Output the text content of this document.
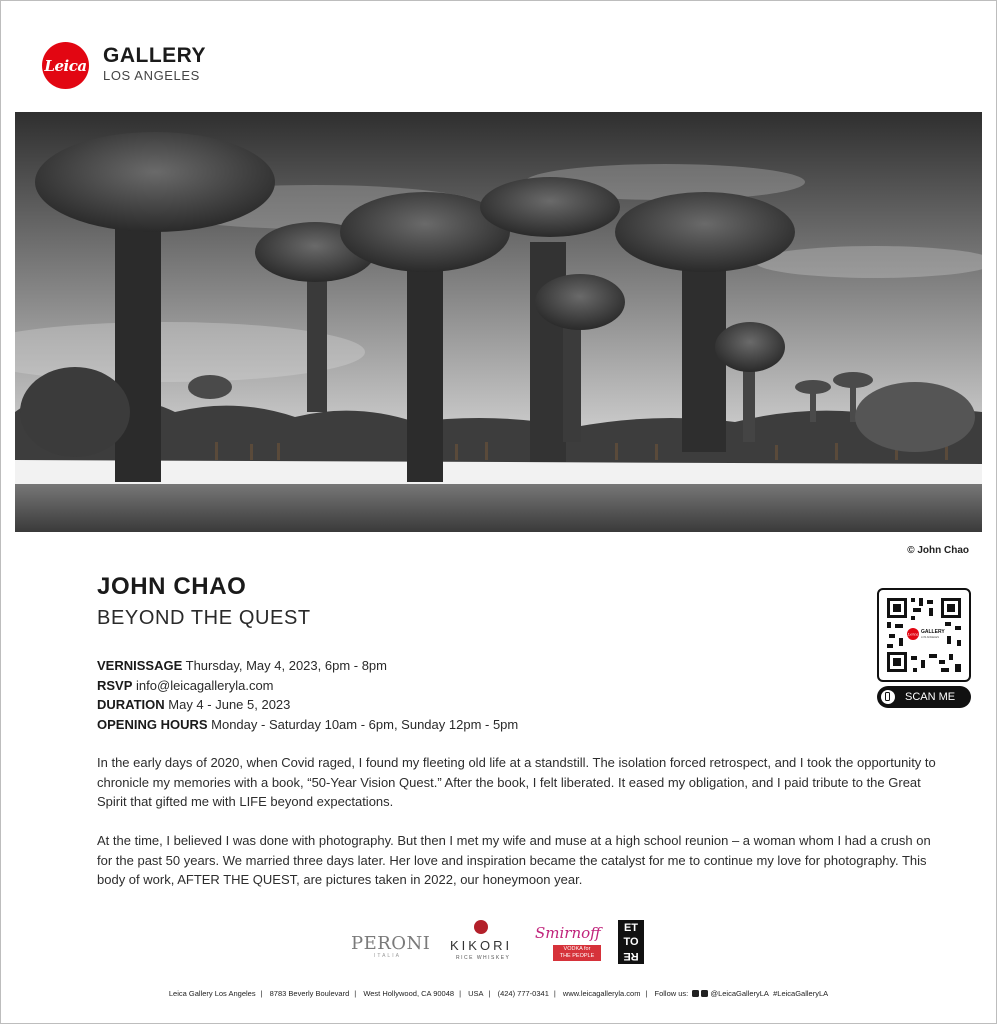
Leica GALLERY
LOS ANGELES
© John Chao
JOHN CHAO
BEYOND THE QUEST
VERNISSAGE Thursday, May 4, 2023, 6pm - 8pm
RSVP info@leicagalleryla.com
DURATION May 4 - June 5, 2023
OPENING HOURS Monday - Saturday 10am - 6pm, Sunday 12pm - 5pm
Leica GALLERY
LOS ANGELES
SCAN ME

In the early days of 2020, when Covid raged, I found my fleeting old life at a standstill. The isolation forced retrospect, and I took the opportunity to chronicle my memories with a book, “50-Year Vision Quest.” After the book, I felt liberated. It eased my obligation, and I paid tribute to the Great Spirit that gifted me with LIFE beyond expectations.

At the time, I believed I was done with photography. But then I met my wife and muse at a high school reunion – a woman whom I had a crush on for the past 50 years. We married three days later. Her love and inspiration became the catalyst for me to continue my love for photography. This body of work, AFTER THE QUEST, are pictures taken in 2022, our honeymoon year.

PERONI
ITALIA
KIKORI
RICE WHISKEY
Smirnoff
VODKA for
THE PEOPLE
ET
TO
RE
Leica Gallery Los Angeles | 8783 Beverly Boulevard | West Hollywood, CA 90048 | USA | (424) 777-0341 | www.leicagalleryla.com | Follow us:	@LeicaGalleryLA #LeicaGalleryLA
